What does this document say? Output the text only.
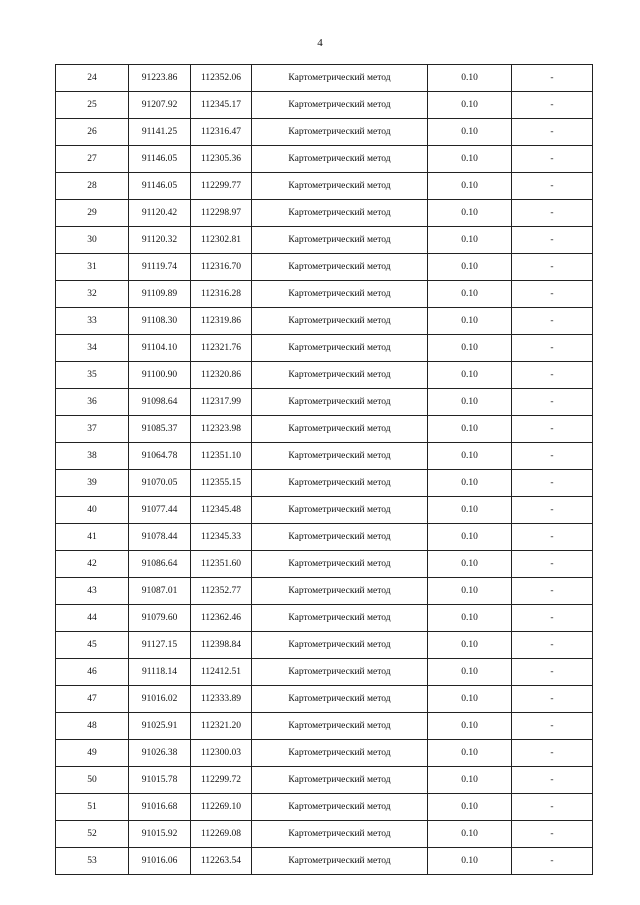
4
24	91223.86	112352.06	Картометрический метод	0.10	-
25	91207.92	112345.17	Картометрический метод	0.10	-
26	91141.25	112316.47	Картометрический метод	0.10	-
27	91146.05	112305.36	Картометрический метод	0.10	-
28	91146.05	112299.77	Картометрический метод	0.10	-
29	91120.42	112298.97	Картометрический метод	0.10	-
30	91120.32	112302.81	Картометрический метод	0.10	-
31	91119.74	112316.70	Картометрический метод	0.10	-
32	91109.89	112316.28	Картометрический метод	0.10	-
33	91108.30	112319.86	Картометрический метод	0.10	-
34	91104.10	112321.76	Картометрический метод	0.10	-
35	91100.90	112320.86	Картометрический метод	0.10	-
36	91098.64	112317.99	Картометрический метод	0.10	-
37	91085.37	112323.98	Картометрический метод	0.10	-
38	91064.78	112351.10	Картометрический метод	0.10	-
39	91070.05	112355.15	Картометрический метод	0.10	-
40	91077.44	112345.48	Картометрический метод	0.10	-
41	91078.44	112345.33	Картометрический метод	0.10	-
42	91086.64	112351.60	Картометрический метод	0.10	-
43	91087.01	112352.77	Картометрический метод	0.10	-
44	91079.60	112362.46	Картометрический метод	0.10	-
45	91127.15	112398.84	Картометрический метод	0.10	-
46	91118.14	112412.51	Картометрический метод	0.10	-
47	91016.02	112333.89	Картометрический метод	0.10	-
48	91025.91	112321.20	Картометрический метод	0.10	-
49	91026.38	112300.03	Картометрический метод	0.10	-
50	91015.78	112299.72	Картометрический метод	0.10	-
51	91016.68	112269.10	Картометрический метод	0.10	-
52	91015.92	112269.08	Картометрический метод	0.10	-
53	91016.06	112263.54	Картометрический метод	0.10	-
